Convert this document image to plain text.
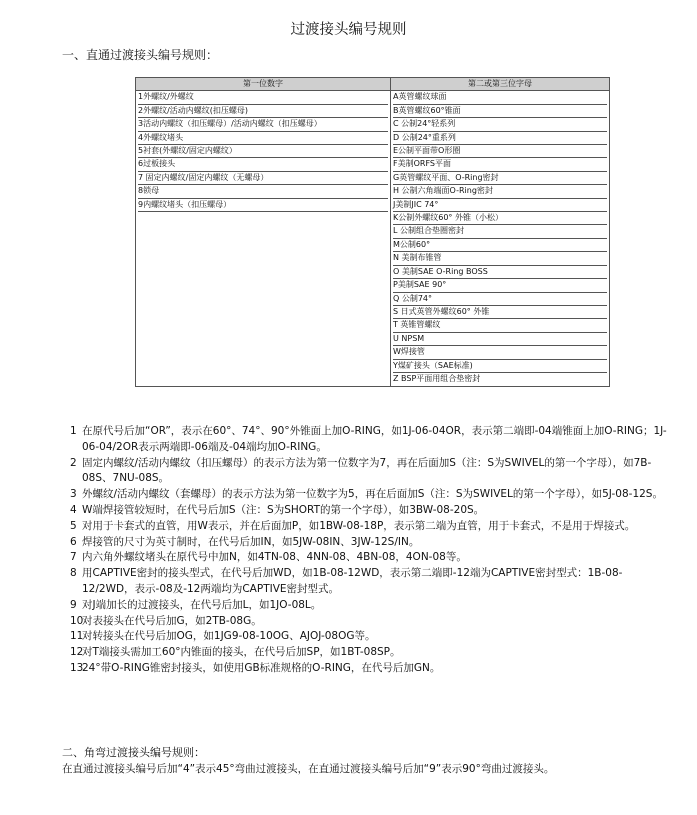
过渡接头编号规则
一、直通过渡接头编号规则：
第一位数字	第二或第三位字母

1外螺纹/外螺纹	A英管螺纹球面

2外螺纹/活动内螺纹(扣压螺母)	B英管螺纹60°锥面

3活动内螺纹（扣压螺母）/活动内螺纹（扣压螺母）	C 公制24°轻系列

4外螺纹堵头	D 公制24°重系列

5衬套(外螺纹/固定内螺纹）	E公制平面带O形圈

6过板接头	F美制ORFS平面

7 固定内螺纹/固定内螺纹（无螺母）	G英管螺纹平面、O-Ring密封

8锁母	H 公制六角端面O-Ring密封

9内螺纹堵头（扣压螺母）	J美制JIC 74°

	K公制外螺纹60° 外锥（小松）

	L 公制组合垫圈密封

	M公制60°

	N 美制布锥管

	O 美制SAE O-Ring BOSS

	P美制SAE 90°

	Q 公制74°

	S 日式英管外螺纹60° 外锥

	T 英锥管螺纹

	U NPSM

	W焊接管

	Y煤矿接头（SAE标准)

	Z BSP平面用组合垫密封
1 在原代号后加“OR”，表示在60°、74°、90°外锥面上加O-RING，如1J-06-04OR，表示第二端即-04端锥面上加O-RING；1J-06-04/2OR表示两端即-06端及-04端均加O-RING。
2 固定内螺纹/活动内螺纹（扣压螺母）的表示方法为第一位数字为7，再在后面加S（注：S为SWIVEL的第一个字母），如7B-08S、7NU-08S。
3 外螺纹/活动内螺纹（套螺母）的表示方法为第一位数字为5，再在后面加S（注：S为SWIVEL的第一个字母），如5J-08-12S。
4 W端焊接管较短时，在代号后加S（注：S为SHORT的第一个字母），如3BW-08-20S。
5 对用于卡套式的直管，用W表示，并在后面加P，如1BW-08-18P，表示第二端为直管，用于卡套式，不是用于焊接式。
6 焊接管的尺寸为英寸制时，在代号后加IN，如5JW-08IN、3JW-12S/IN。
7 内六角外螺纹堵头在原代号中加N，如4TN-08、4NN-08、4BN-08，4ON-08等。
8 用CAPTIVE密封的接头型式，在代号后加WD，如1B-08-12WD，表示第二端即-12端为CAPTIVE密封型式：1B-08-12/2WD，表示-08及-12两端均为CAPTIVE密封型式。
9 对J端加长的过渡接头，在代号后加L，如1JO-08L。
10
对表接头在代号后加G，如2TB-08G。
11
对转接头在代号后加OG，如1JG9-08-10OG、AJOJ-08OG等。
12
对T端接头需加工60°内锥面的接头，在代号后加SP，如1BT-08SP。
13
24°带O-RING锥密封接头，如使用GB标准规格的O-RING，在代号后加GN。
二、角弯过渡接头编号规则：
在直通过渡接头编号后加“4”表示45°弯曲过渡接头，在直通过渡接头编号后加“9”表示90°弯曲过渡接头。
